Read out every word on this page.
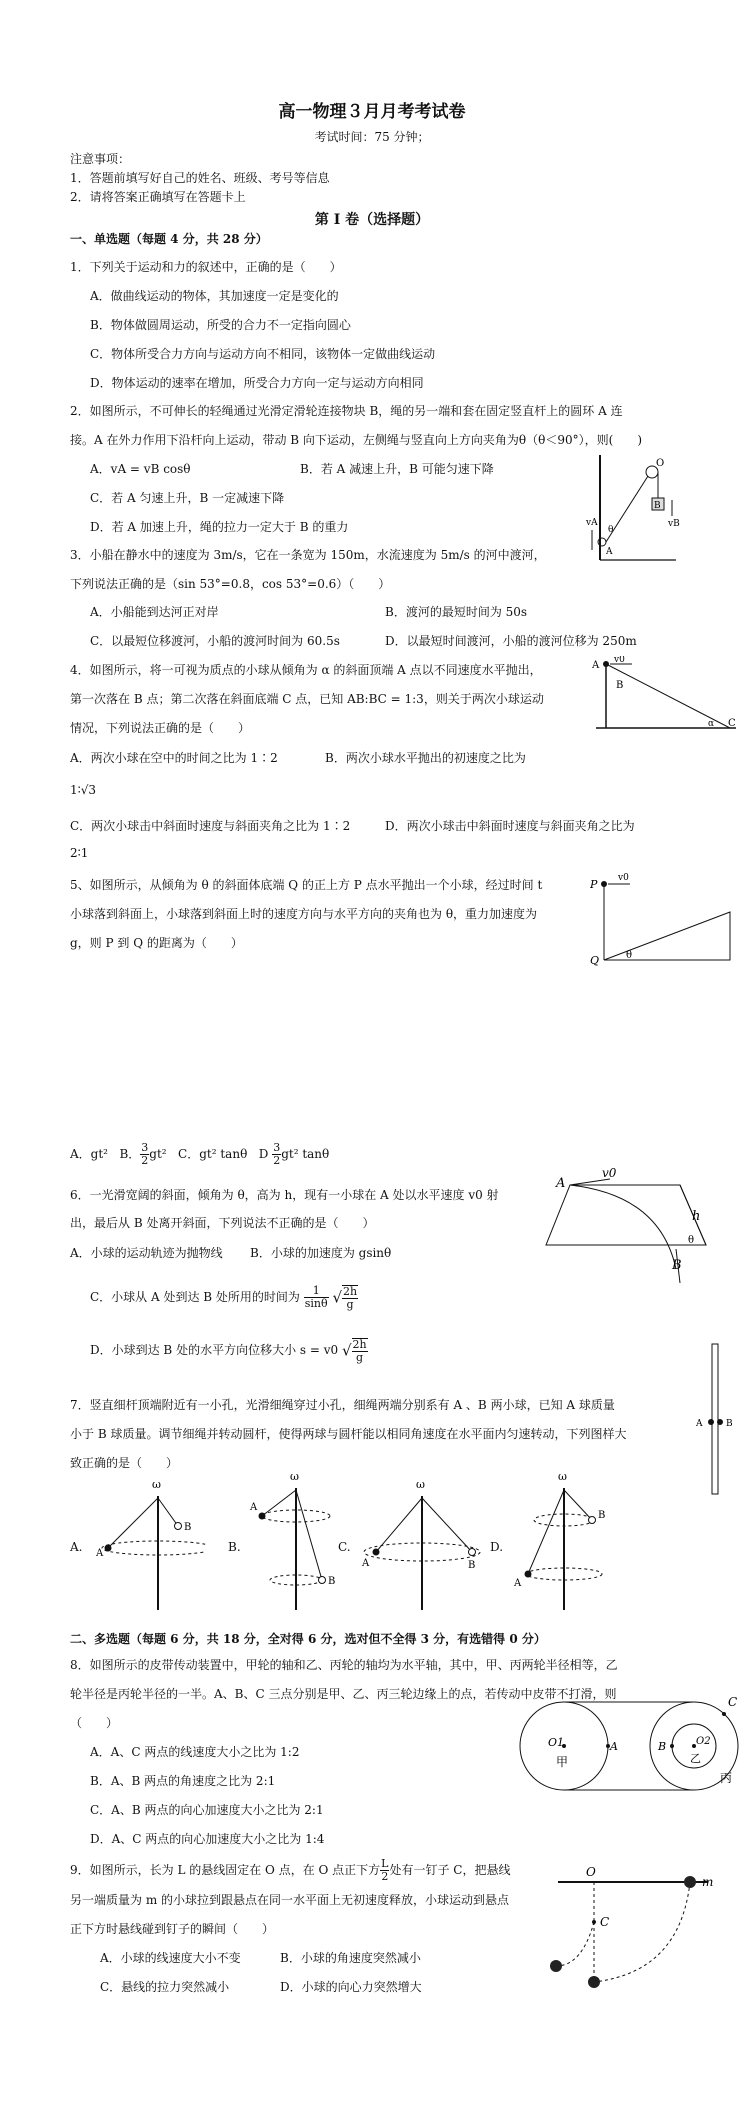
高一物理３月月考考试卷
考试时间：75 分钟；
注意事项：
1．答题前填写好自己的姓名、班级、考号等信息
2．请将答案正确填写在答题卡上
第 I 卷（选择题）
一、单选题（每题 4 分，共 28 分）
1．下列关于运动和力的叙述中，正确的是（　　）
A．做曲线运动的物体，其加速度一定是变化的
B．物体做圆周运动，所受的合力不一定指向圆心
C．物体所受合力方向与运动方向不相同，该物体一定做曲线运动
D．物体运动的速率在增加，所受合力方向一定与运动方向相同
2．如图所示，不可伸长的轻绳通过光滑定滑轮连接物块 B，绳的另一端和套在固定竖直杆上的圆环 A 连
接。A 在外力作用下沿杆向上运动，带动 B 向下运动，左侧绳与竖直向上方向夹角为θ（θ＜90°），则(　　)
A．vA = vB cosθ	B．若 A 减速上升，B 可能匀速下降
C．若 A 匀速上升，B 一定减速下降
D．若 A 加速上升，绳的拉力一定大于 B 的重力
O
B
vB
vA
A
θ
3．小船在静水中的速度为 3m/s，它在一条宽为 150m，水流速度为 5m/s 的河中渡河，
下列说法正确的是（sin 53°=0.8，cos 53°=0.6）（　　）
A．小船能到达河正对岸	B．渡河的最短时间为 50s
C．以最短位移渡河，小船的渡河时间为 60.5s	D．以最短时间渡河，小船的渡河位移为 250m
4．如图所示，将一可视为质点的小球从倾角为 α 的斜面顶端 A 点以不同速度水平抛出，
第一次落在 B 点；第二次落在斜面底端 C 点，已知 AB:BC = 1:3，则关于两次小球运动
情况，下列说法正确的是（　　）
A．两次小球在空中的时间之比为 1∶2	B．两次小球水平抛出的初速度之比为
1∶√3
C．两次小球击中斜面时速度与斜面夹角之比为 1∶2	D．两次小球击中斜面时速度与斜面夹角之比为
2∶1
A v0
B
C
α
5、如图所示，从倾角为 θ 的斜面体底端 Q 的正上方 P 点水平抛出一个小球，经过时间 t
小球落到斜面上，小球落到斜面上时的速度方向与水平方向的夹角也为 θ，重力加速度为
g，则 P 到 Q 的距离为（　　）
P v0
Q	θ
A．gt² B． $\frac{3}{2} gt^2$ C．gt² tanθ D $\frac{3}{2} gt^2$ tanθ
6．一光滑宽阔的斜面，倾角为 θ，高为 h，现有一小球在 A 处以水平速度 v0 射
出，最后从 B 处离开斜面，下列说法不正确的是（　　）
A．小球的运动轨迹为抛物线 B．小球的加速度为 gsinθ
C．小球从 A 处到达 B 处所用的时间为 $\frac{1}{\sin\theta}$ √ $\frac{2h}{g}$
D．小球到达 B 处的水平方向位移大小 s = v0 √ $\frac{2h}{g}$
A
v0
h
B
θ
7．竖直细杆顶端附近有一小孔，光滑细绳穿过小孔，细绳两端分别系有 A 、B 两小球，已知 A 球质量
小于 B 球质量。调节细绳并转动圆杆，使得两球与圆杆能以相同角速度在水平面内匀速转动，下列图样大
致正确的是（　　）
A	B
A.	B.	C.	D.
A
B
ω
A
B
ω
A	B
ω
A
B
ω
二、多选题（每题 6 分，共 18 分，全对得 6 分，选对但不全得 3 分，有选错得 0 分）
8．如图所示的皮带传动装置中，甲轮的轴和乙、丙轮的轴均为水平轴，其中，甲、丙两轮半径相等，乙
轮半径是丙轮半径的一半。A、B、C 三点分别是甲、乙、丙三轮边缘上的点，若传动中皮带不打滑，则
（　　）
A．A、C 两点的线速度大小之比为 1:2
B．A、B 两点的角速度之比为 2:1
C．A、B 两点的向心加速度大小之比为 2:1
D．A、C 两点的向心加速度大小之比为 1:4
C
O1	A
甲
B	O2
乙
丙
9．如图所示，长为 L 的悬线固定在 O 点，在 O 点正下方 $\frac{L}{2}$ 处有一钉子 C，把悬线
另一端质量为 m 的小球拉到跟悬点在同一水平面上无初速度释放，小球运动到悬点
正下方时悬线碰到钉子的瞬间（　　）
A．小球的线速度大小不变	B．小球的角速度突然减小
C．悬线的拉力突然减小	D．小球的向心力突然增大
O
m
C
